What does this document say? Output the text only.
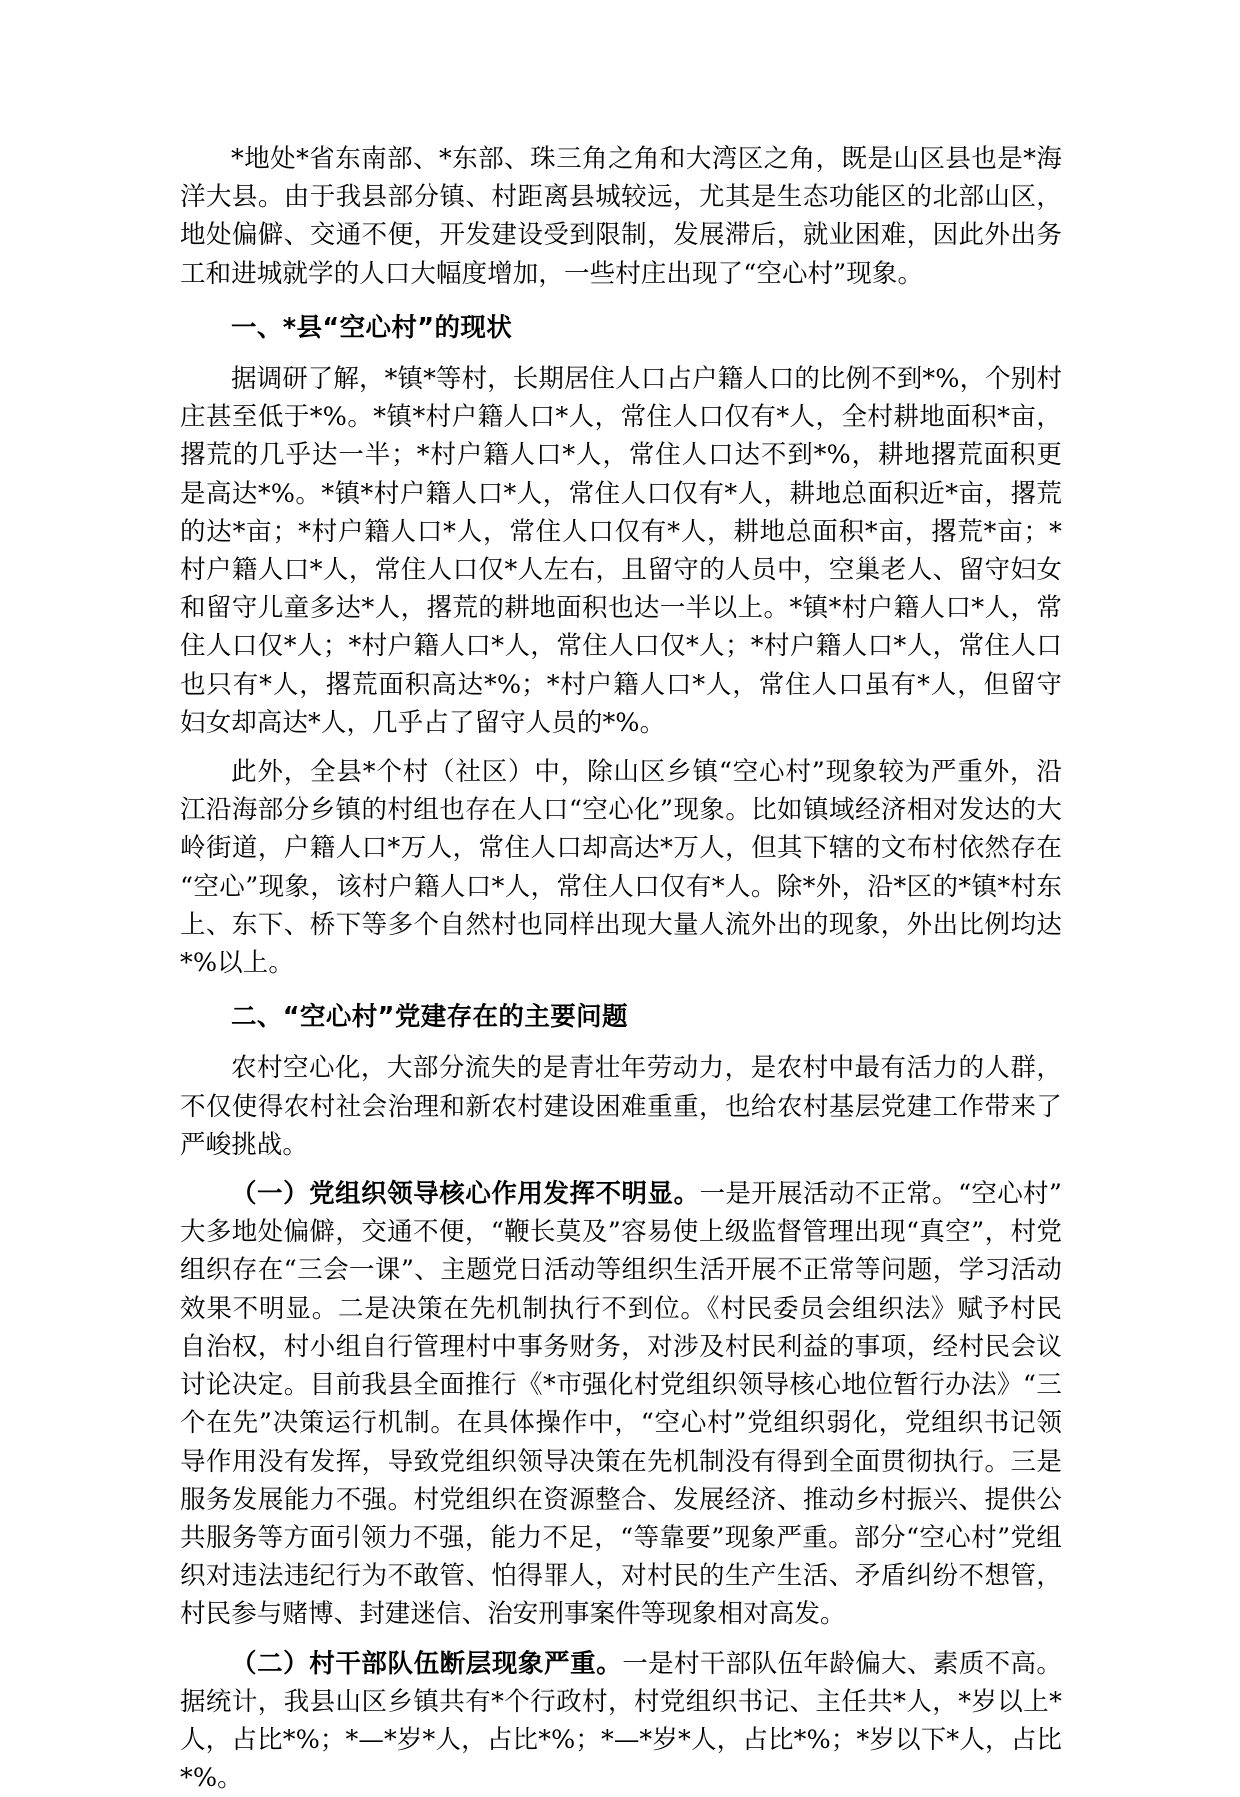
*地处*省东南部、*东部、珠三角之角和大湾区之角，既是山区县也是*海洋大县。由于我县部分镇、村距离县城较远，尤其是生态功能区的北部山区，地处偏僻、交通不便，开发建设受到限制，发展滞后，就业困难，因此外出务工和进城就学的人口大幅度增加，一些村庄出现了“空心村”现象。

一、*县“空心村”的现状

据调研了解，*镇*等村，长期居住人口占户籍人口的比例不到*%，个别村庄甚至低于*%。*镇*村户籍人口*人，常住人口仅有*人，全村耕地面积*亩，撂荒的几乎达一半；*村户籍人口*人，常住人口达不到*%，耕地撂荒面积更是高达*%。*镇*村户籍人口*人，常住人口仅有*人，耕地总面积近*亩，撂荒的达*亩；*村户籍人口*人，常住人口仅有*人，耕地总面积*亩，撂荒*亩；*村户籍人口*人，常住人口仅*人左右，且留守的人员中，空巢老人、留守妇女和留守儿童多达*人，撂荒的耕地面积也达一半以上。*镇*村户籍人口*人，常住人口仅*人；*村户籍人口*人，常住人口仅*人；*村户籍人口*人，常住人口也只有*人，撂荒面积高达*%；*村户籍人口*人，常住人口虽有*人，但留守妇女却高达*人，几乎占了留守人员的*%。

此外，全县*个村（社区）中，除山区乡镇“空心村”现象较为严重外，沿江沿海部分乡镇的村组也存在人口“空心化”现象。比如镇域经济相对发达的大岭街道，户籍人口*万人，常住人口却高达*万人，但其下辖的文布村依然存在“空心”现象，该村户籍人口*人，常住人口仅有*人。除*外，沿*区的*镇*村东上、东下、桥下等多个自然村也同样出现大量人流外出的现象，外出比例均达*%以上。

二、“空心村”党建存在的主要问题

农村空心化，大部分流失的是青壮年劳动力，是农村中最有活力的人群，不仅使得农村社会治理和新农村建设困难重重，也给农村基层党建工作带来了严峻挑战。

（一）党组织领导核心作用发挥不明显。一是开展活动不正常。“空心村”大多地处偏僻，交通不便，“鞭长莫及”容易使上级监督管理出现“真空”，村党组织存在“三会一课”、主题党日活动等组织生活开展不正常等问题，学习活动效果不明显。二是决策在先机制执行不到位。《村民委员会组织法》赋予村民自治权，村小组自行管理村中事务财务，对涉及村民利益的事项，经村民会议讨论决定。目前我县全面推行《*市强化村党组织领导核心地位暂行办法》“三个在先”决策运行机制。在具体操作中，“空心村”党组织弱化，党组织书记领导作用没有发挥，导致党组织领导决策在先机制没有得到全面贯彻执行。三是服务发展能力不强。村党组织在资源整合、发展经济、推动乡村振兴、提供公共服务等方面引领力不强，能力不足，“等靠要”现象严重。部分“空心村”党组织对违法违纪行为不敢管、怕得罪人，对村民的生产生活、矛盾纠纷不想管，村民参与赌博、封建迷信、治安刑事案件等现象相对高发。

（二）村干部队伍断层现象严重。一是村干部队伍年龄偏大、素质不高。据统计，我县山区乡镇共有*个行政村，村党组织书记、主任共*人，*岁以上*人，占比*%；*—*岁*人，占比*%；*—*岁*人，占比*%；*岁以下*人，占比*%。
